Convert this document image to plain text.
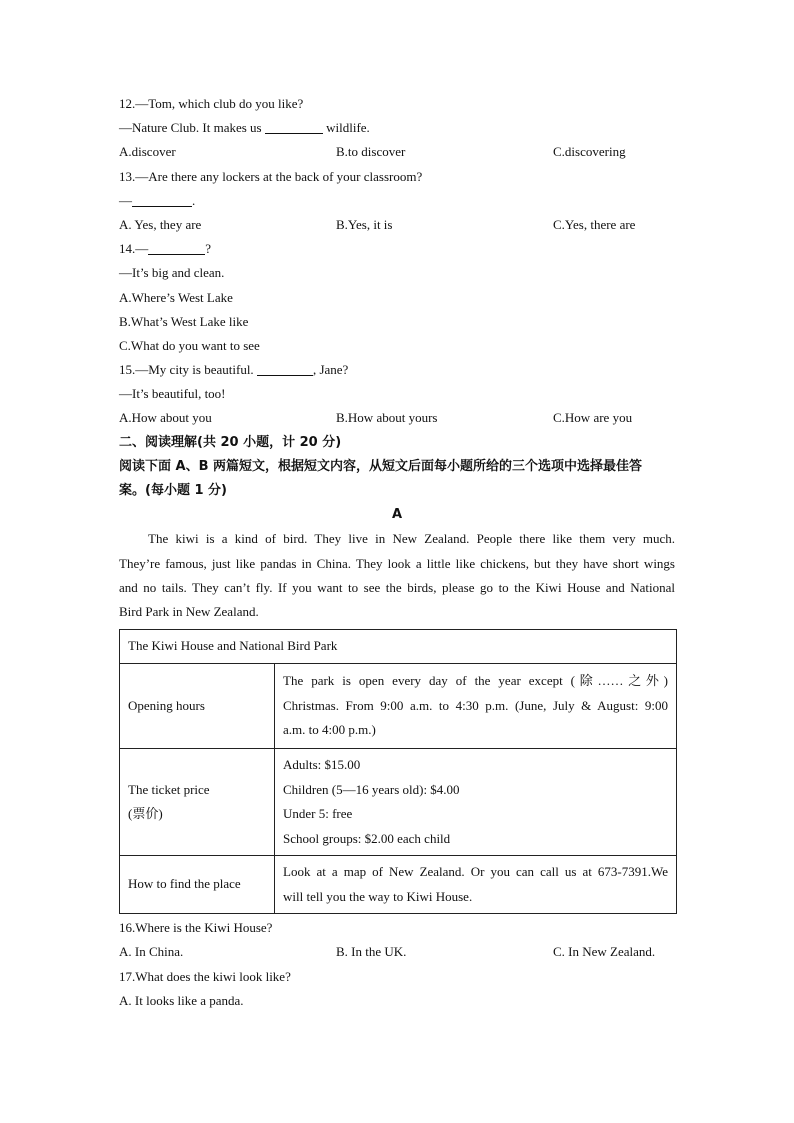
12.—Tom, which club do you like?
—Nature Club. It makes us	wildlife.
A.discover	B.to discover	C.discovering
13.—Are there any lockers at the back of your classroom?
—	.
A. Yes, they are	B.Yes, it is	C.Yes, there are
14.—	?
—It’s big and clean.
A.Where’s West Lake
B.What’s West Lake like
C.What do you want to see
15.—My city is beautiful.	, Jane?
—It’s beautiful, too!
A.How about you	B.How about yours	C.How are you
二、阅读理解(共 20 小题，计 20 分)
阅读下面 A、B 两篇短文，根据短文内容，从短文后面每小题所给的三个选项中选择最佳答
案。(每小题 1 分)
A
The kiwi is a kind of bird. They live in New Zealand. People there like them very much.
They’re famous, just like pandas in China. They look a little like chickens, but they have short wings
and no tails. They can’t fly. If you want to see the birds, please go to the Kiwi House and National
Bird Park in New Zealand.
The Kiwi House and National Bird Park	

Opening hours	The park is open every day of the year except (除……之外)
Christmas. From 9:00 a.m. to 4:30 p.m. (June, July & August: 9:00
a.m. to 4:00 p.m.)

The ticket price
(票价)	Adults: $15.00
Children (5—16 years old): $4.00
Under 5: free
School groups: $2.00 each child

How to find the place	Look at a map of New Zealand. Or you can call us at 673-7391.We
will tell you the way to Kiwi House.
16.Where is the Kiwi House?
A. In China.	B. In the UK.	C. In New Zealand.
17.What does the kiwi look like?
A. It looks like a panda.
